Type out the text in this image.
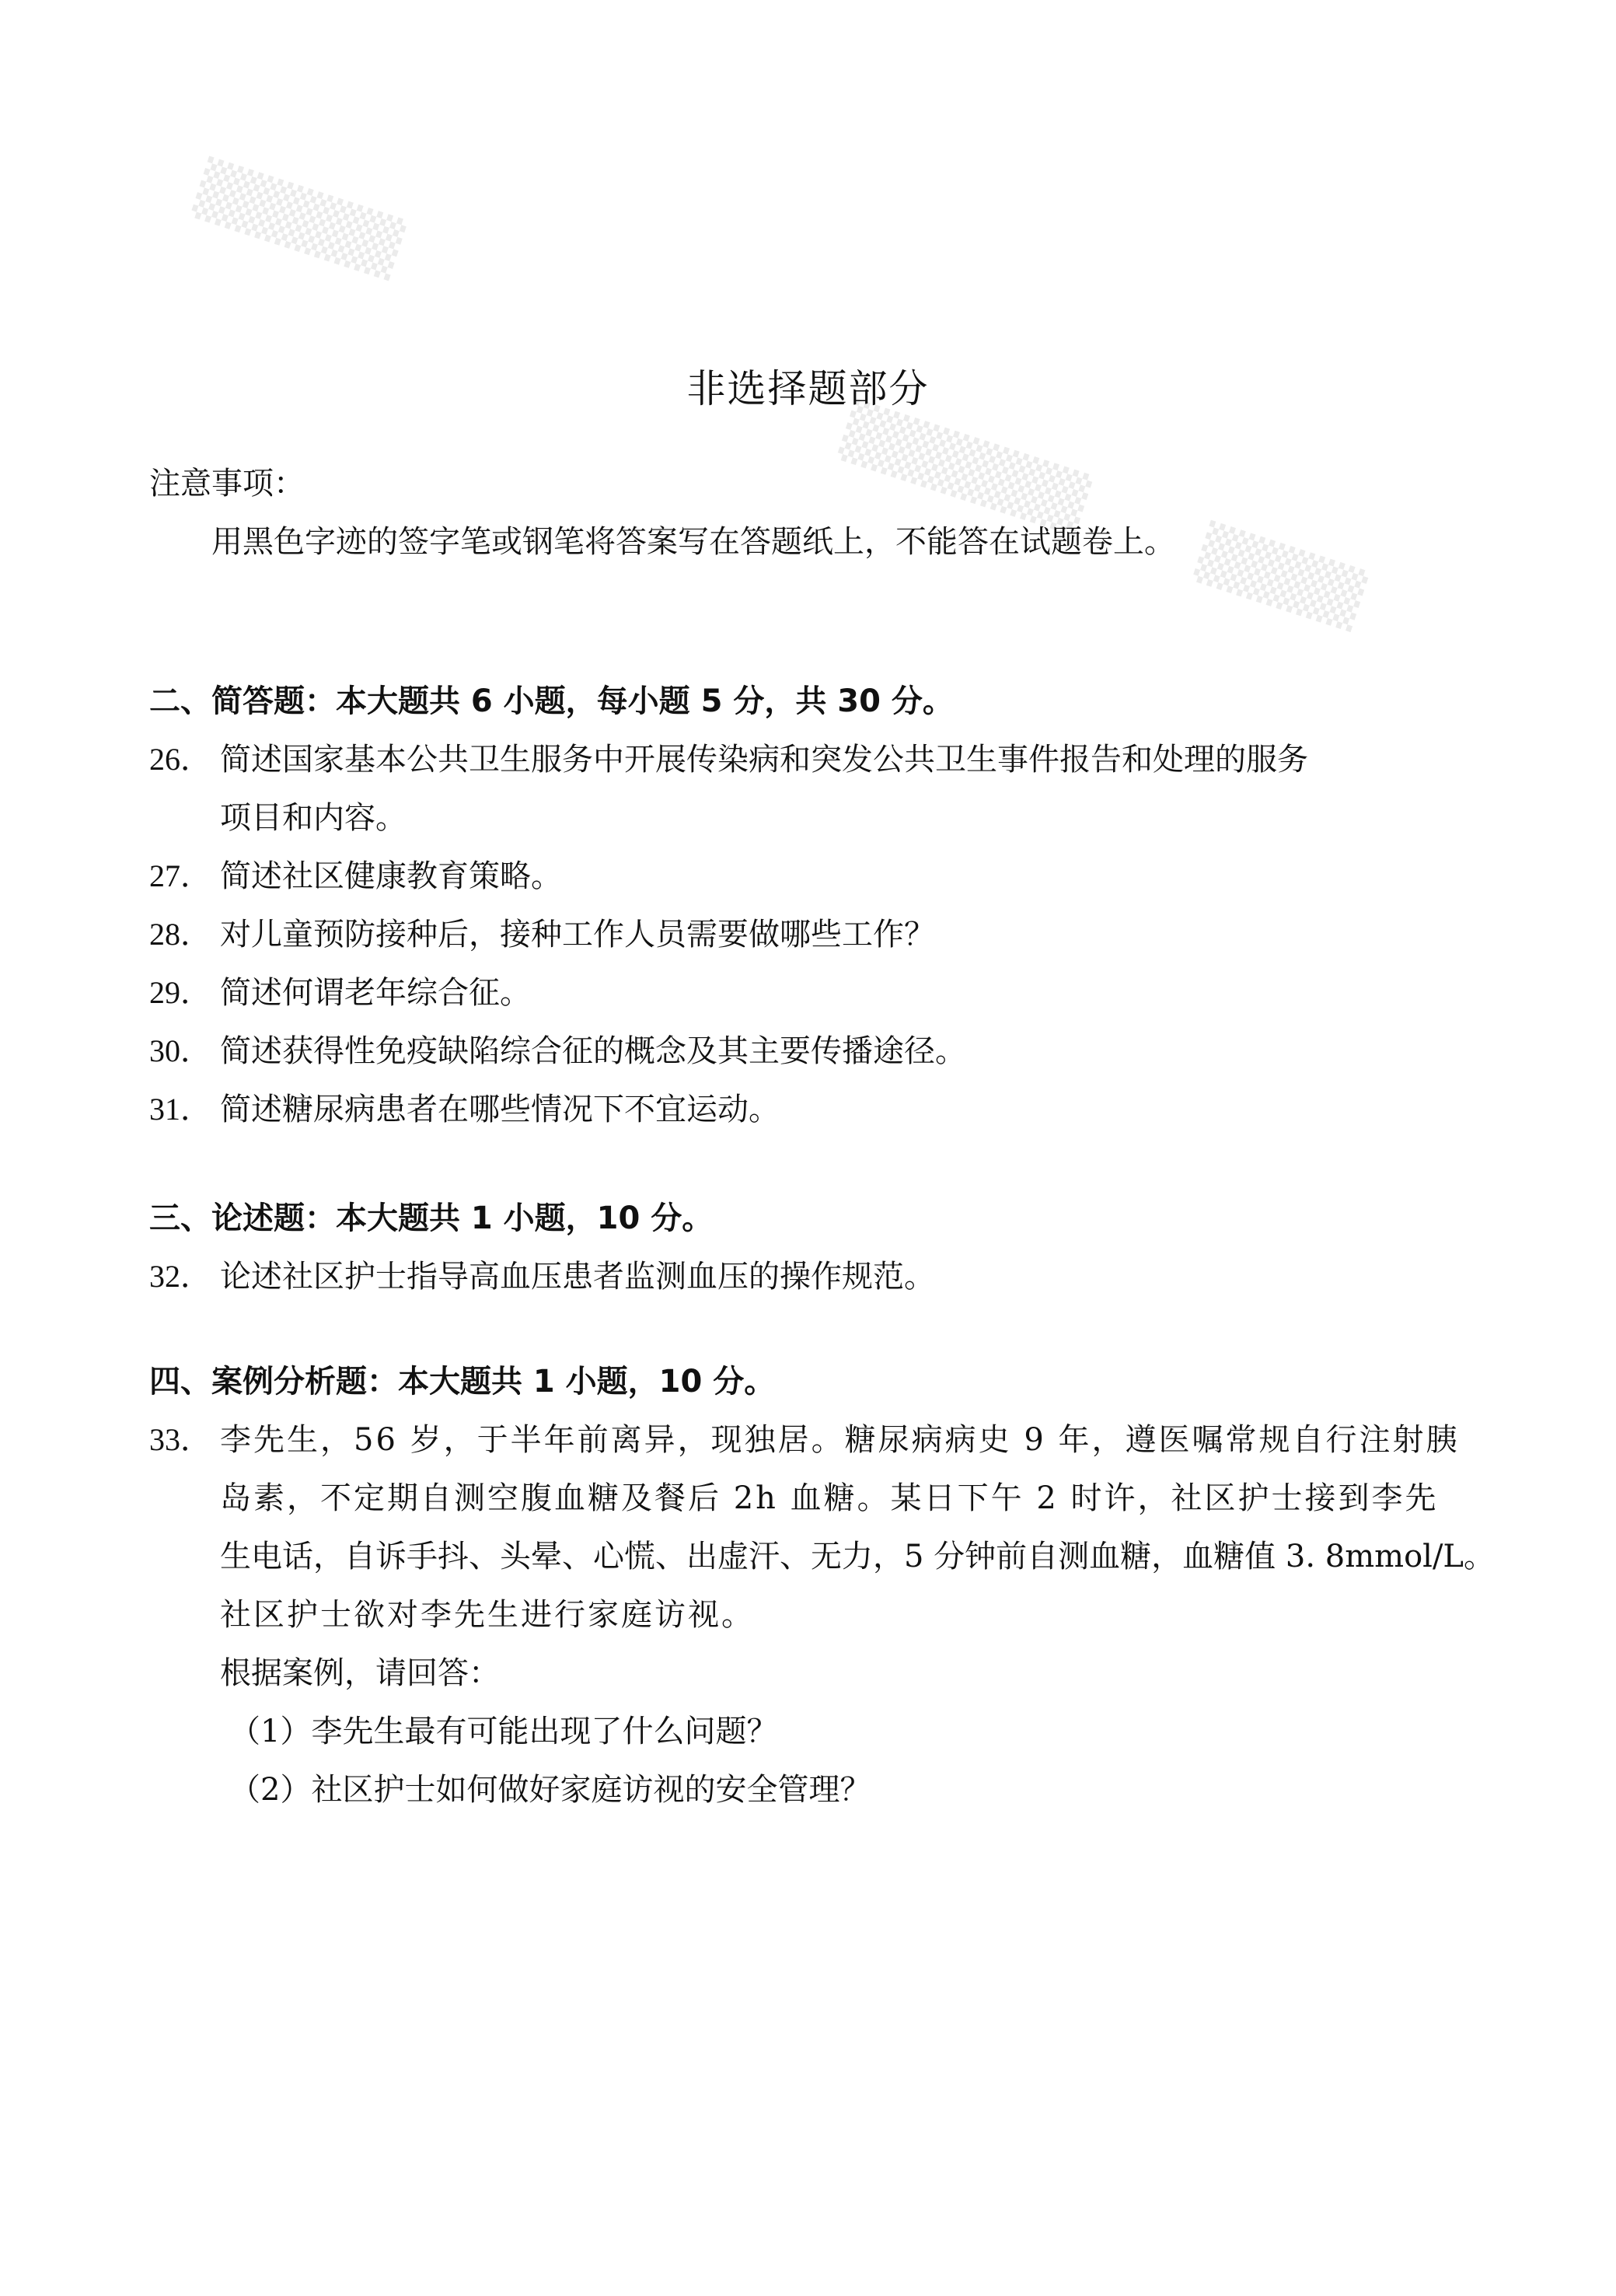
▒▒▒▒▒
▒▒▒▒▒▒
▒▒▒▒
非选择题部分
注意事项：
用黑色字迹的签字笔或钢笔将答案写在答题纸上，不能答在试题卷上。
二、简答题：本大题共 6 小题，每小题 5 分，共 30 分。
26． 简述国家基本公共卫生服务中开展传染病和突发公共卫生事件报告和处理的服务
项目和内容。
27． 简述社区健康教育策略。
28． 对儿童预防接种后，接种工作人员需要做哪些工作？
29． 简述何谓老年综合征。
30． 简述获得性免疫缺陷综合征的概念及其主要传播途径。
31． 简述糖尿病患者在哪些情况下不宜运动。
三、论述题：本大题共 1 小题，10 分。
32． 论述社区护士指导高血压患者监测血压的操作规范。
四、案例分析题：本大题共 1 小题，10 分。
33． 李先生，56 岁，于半年前离异，现独居。糖尿病病史 9 年，遵医嘱常规自行注射胰
岛素，不定期自测空腹血糖及餐后 2h 血糖。某日下午 2 时许，社区护士接到李先
生电话，自诉手抖、头晕、心慌、出虚汗、无力，5 分钟前自测血糖，血糖值 3. 8mmol/L。
社区护士欲对李先生进行家庭访视。
根据案例，请回答：
（1）李先生最有可能出现了什么问题？
（2）社区护士如何做好家庭访视的安全管理？
